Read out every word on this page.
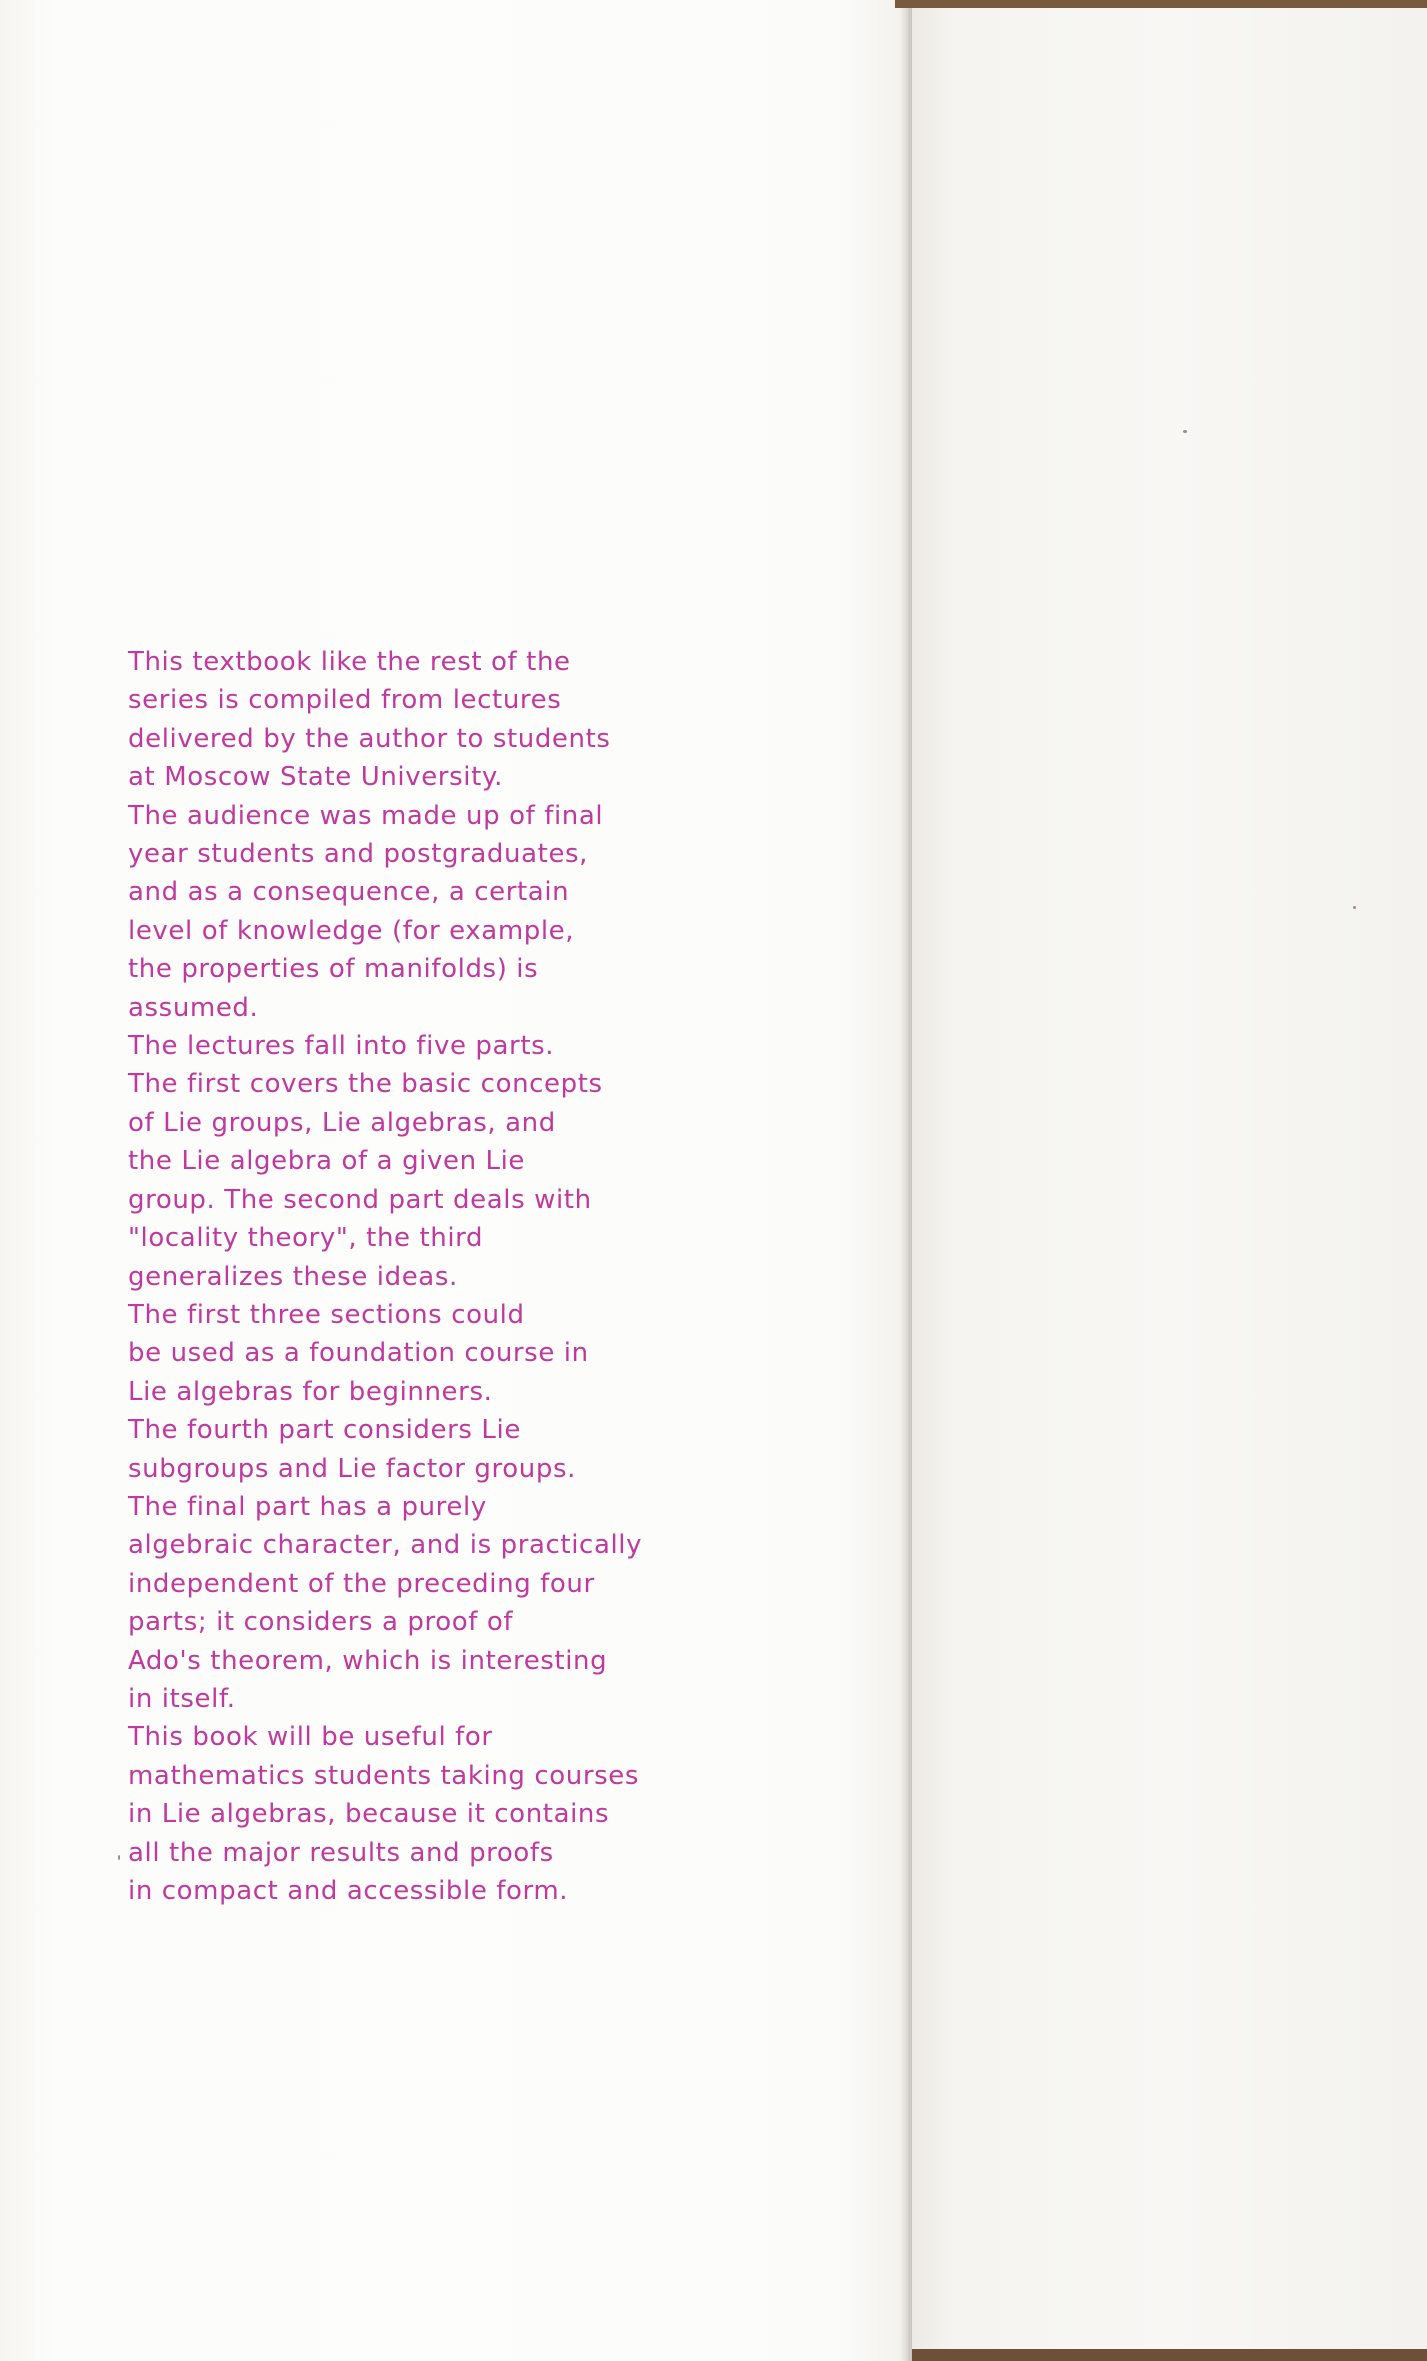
This textbook like the rest of the
series is compiled from lectures
delivered by the author to students
at Moscow State University.
The audience was made up of final
year students and postgraduates,
and as a consequence, a certain
level of knowledge (for example,
the properties of manifolds) is
assumed.
The lectures fall into five parts.
The first covers the basic concepts
of Lie groups, Lie algebras, and
the Lie algebra of a given Lie
group. The second part deals with
"locality theory", the third
generalizes these ideas.
The first three sections could
be used as a foundation course in
Lie algebras for beginners.
The fourth part considers Lie
subgroups and Lie factor groups.
The final part has a purely
algebraic character, and is practically
independent of the preceding four
parts; it considers a proof of
Ado's theorem, which is interesting
in itself.
This book will be useful for
mathematics students taking courses
in Lie algebras, because it contains
all the major results and proofs
in compact and accessible form.
